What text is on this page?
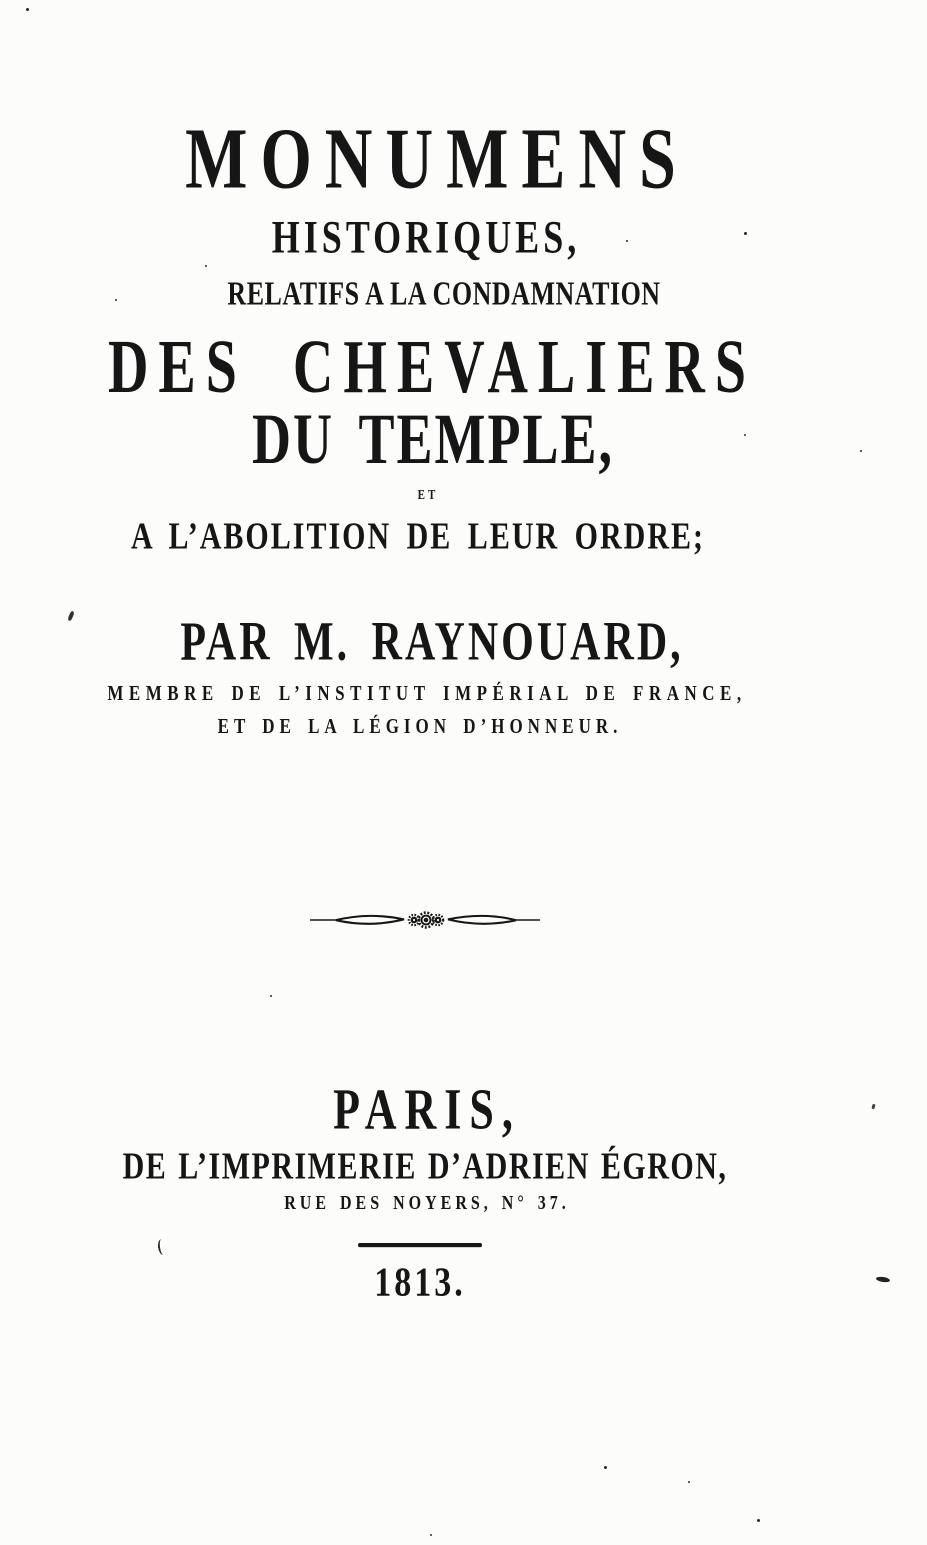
MONUMENS
HISTORIQUES,
RELATIFS A LA CONDAMNATION
DES CHEVALIERS
DU TEMPLE,
ET
A L’ABOLITION DE LEUR ORDRE;
PAR M. RAYNOUARD,
MEMBRE DE L’INSTITUT IMPÉRIAL DE FRANCE,
ET DE LA LÉGION D’HONNEUR.
PARIS,
DE L’IMPRIMERIE D’ADRIEN ÉGRON,
RUE DES NOYERS, N° 37.
1813.
